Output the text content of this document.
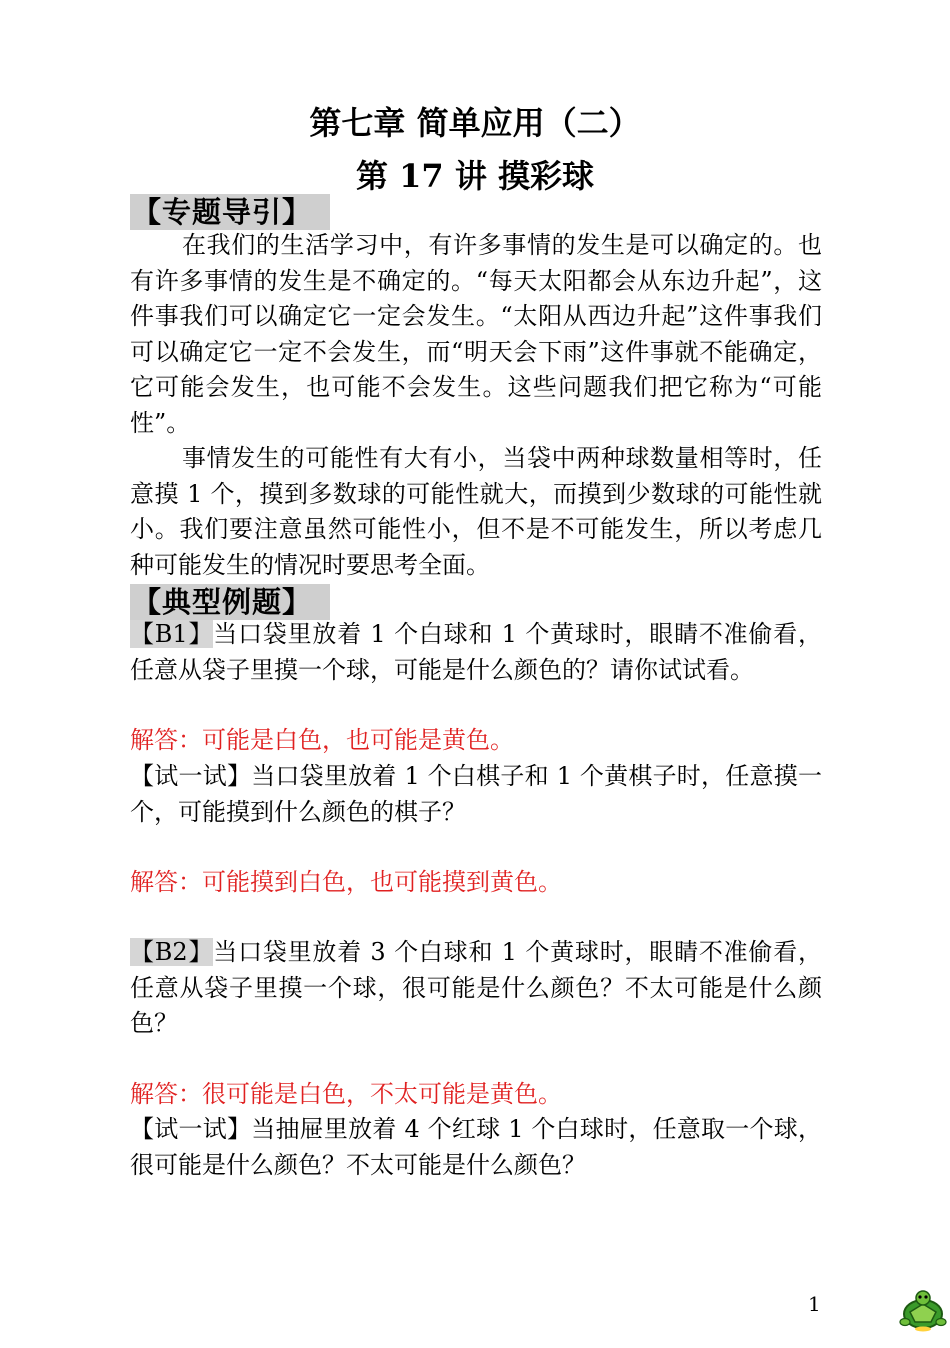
第七章 简单应用（二）
第 17 讲 摸彩球
【专题导引】
在我们的生活学习中，有许多事情的发生是可以确定的。也有许多事情的发生是不确定的。“每天太阳都会从东边升起”，这件事我们可以确定它一定会发生。“太阳从西边升起”这件事我们可以确定它一定不会发生，而“明天会下雨”这件事就不能确定，它可能会发生，也可能不会发生。这些问题我们把它称为“可能性”。
事情发生的可能性有大有小，当袋中两种球数量相等时，任意摸 1 个，摸到多数球的可能性就大，而摸到少数球的可能性就小。我们要注意虽然可能性小，但不是不可能发生，所以考虑几种可能发生的情况时要思考全面。
【典型例题】
【B1】当口袋里放着 1 个白球和 1 个黄球时，眼睛不准偷看，任意从袋子里摸一个球，可能是什么颜色的？请你试试看。
解答：可能是白色，也可能是黄色。
【试一试】当口袋里放着 1 个白棋子和 1 个黄棋子时，任意摸一个，可能摸到什么颜色的棋子？
解答：可能摸到白色，也可能摸到黄色。
【B2】当口袋里放着 3 个白球和 1 个黄球时，眼睛不准偷看，任意从袋子里摸一个球，很可能是什么颜色？不太可能是什么颜色？
解答：很可能是白色，不太可能是黄色。
【试一试】当抽屉里放着 4 个红球 1 个白球时，任意取一个球，很可能是什么颜色？不太可能是什么颜色？
1
